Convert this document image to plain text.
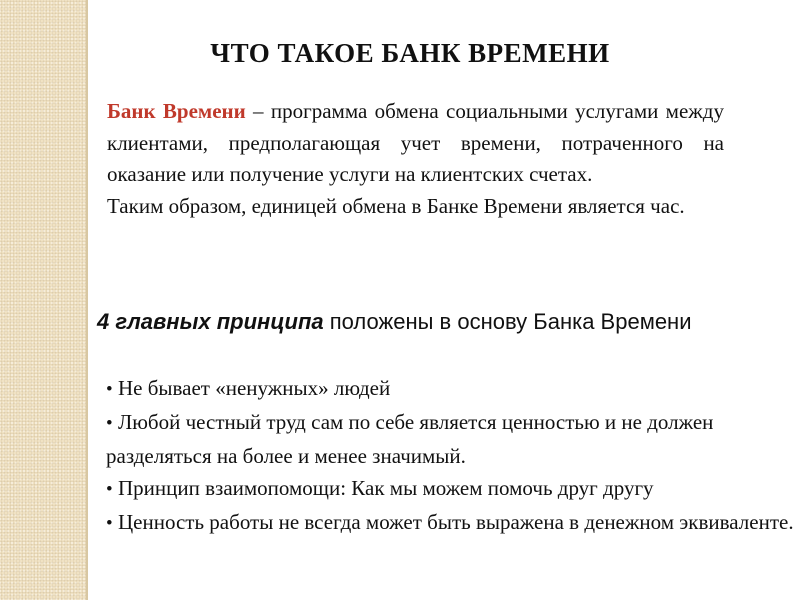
ЧТО ТАКОЕ БАНК ВРЕМЕНИ

Банк Времени – программа обмена социальными услугами между клиентами, предполагающая учет времени, потраченного на оказание или получение услуги на клиентских счетах.

Таким образом, единицей обмена в Банке Времени является час.

4 главных принципа положены в основу Банка Времени

• Не бывает «ненужных» людей
• Любой честный труд сам по себе является ценностью и не должен разделяться на более и менее значимый.
• Принцип взаимопомощи: Как мы можем помочь друг другу
• Ценность работы не всегда может быть выражена в денежном эквиваленте.
